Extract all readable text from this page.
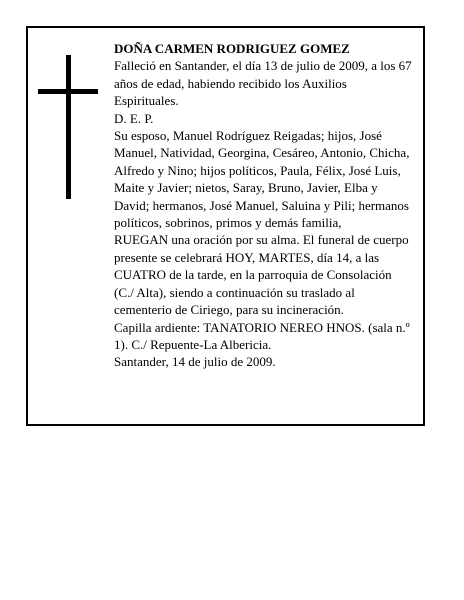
DOÑA CARMEN RODRIGUEZ GOMEZ

Falleció en Santander, el día 13 de julio de 2009, a los 67

años de edad, habiendo recibido los Auxilios Espirituales.

D. E. P.

Su esposo, Manuel Rodríguez Reigadas; hijos, José Manuel, Natividad, Georgina, Cesáreo, Antonio, Chicha, Alfredo y Nino; hijos políticos, Paula, Félix, José Luis, Maite y Javier; nietos, Saray, Bruno, Javier, Elba y David; hermanos, José Manuel, Saluina y Pili; hermanos políticos, sobrinos, primos y demás familia,

RUEGAN una oración por su alma. El funeral de cuerpo presente se celebrará HOY, MARTES, día 14, a las CUATRO de la tarde, en la parroquia de Consolación (C./ Alta), siendo a continuación su traslado al cementerio de Ciriego, para su incineración.

Capilla ardiente: TANATORIO NEREO HNOS. (sala n.º 1). C./ Repuente-La Albericia.

Santander, 14 de julio de 2009.
